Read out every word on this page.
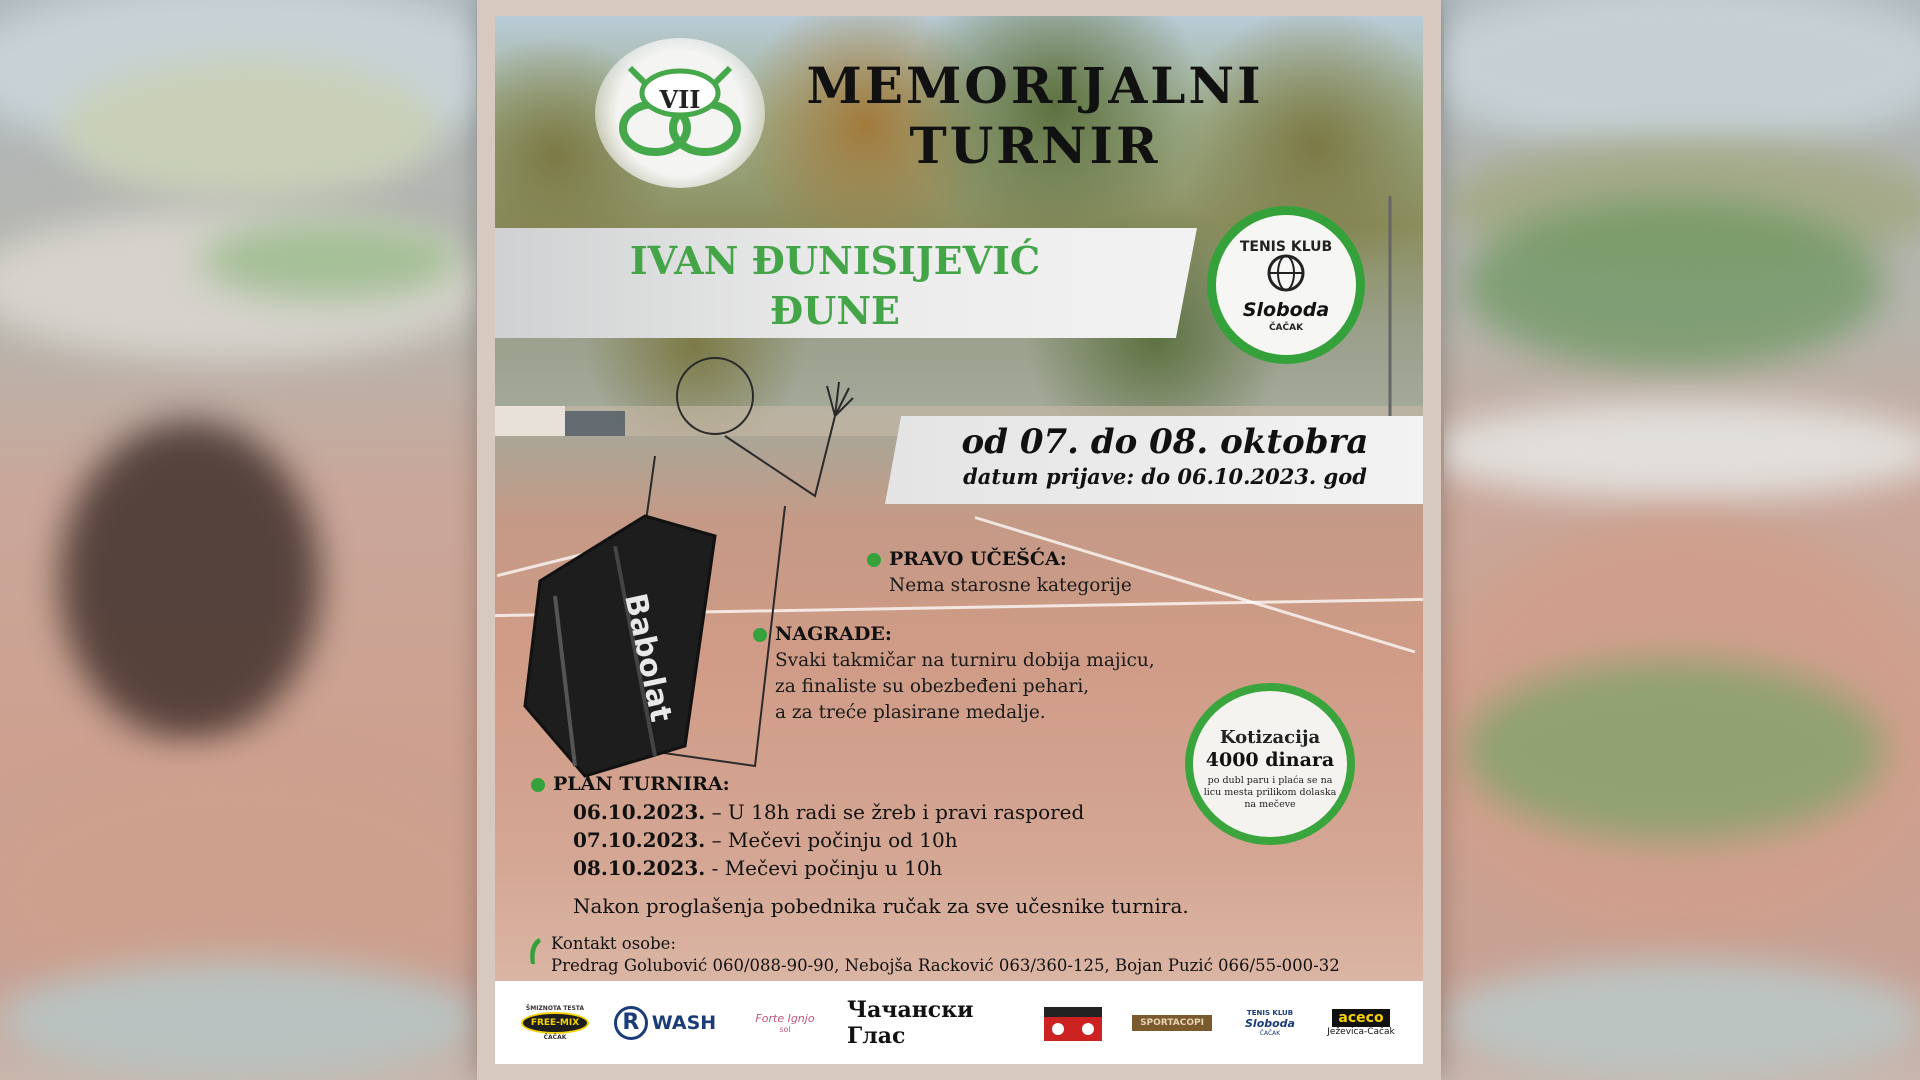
VII MEMORIJALNI
TURNIR
IVAN ĐUNISIJEVIĆ
ĐUNE
TENIS KLUB
Sloboda
ČAČAK
Babolat
od 07. do 08. oktobra
datum prijave: do 06.10.2023. god
PRAVO UČEŠĆA:
Nema starosne kategorije
NAGRADE:
Svaki takmičar na turniru dobija majicu,
za finaliste su obezbeđeni pehari,
a za treće plasirane medalje.
Kotizacija
4000 dinara
po dubl paru i plaća se na licu mesta prilikom dolaska na mečeve
PLAN TURNIRA:
06.10.2023. – U 18h radi se žreb i pravi raspored
07.10.2023. – Mečevi počinju od 10h
08.10.2023. - Mečevi počinju u 10h
Nakon proglašenja pobednika ručak za sve učesnike turnira.
Kontakt osobe:
Predrag Golubović 060/088-90-90, Nebojša Racković 063/360-125, Bojan Puzić 066/55-000-32
ŠMIZNOTA TESTA
FREE-MIX
ČAČAK
R WASH	Forte Ignjo
sol
Чачански Глас	SPORTACOPI
TENIS KLUB
Sloboda
ČAČAK
aceco
Ježevica-Čačak
